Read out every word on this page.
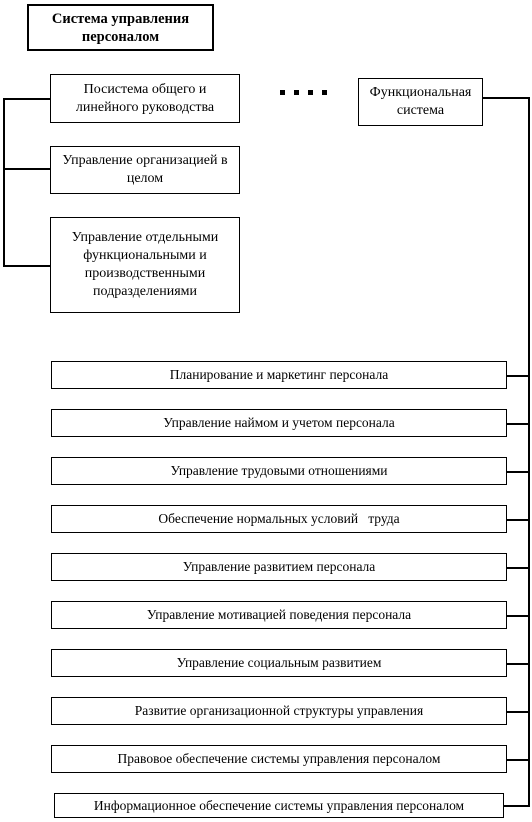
Система управления персоналом
Посистема общего и линейного руководства
Управление организацией в целом
Управление отдельными функциональными и производственными подразделениями
Функциональная система
Планирование и маркетинг персонала
Управление наймом и учетом персонала
Управление трудовыми отношениями
Обеспечение нормальных условий   труда
Управление развитием персонала
Управление мотивацией поведения персонала
Управление социальным развитием
Развитие организационной структуры управления
Правовое обеспечение системы управления персоналом
Информационное обеспечение системы управления персоналом
